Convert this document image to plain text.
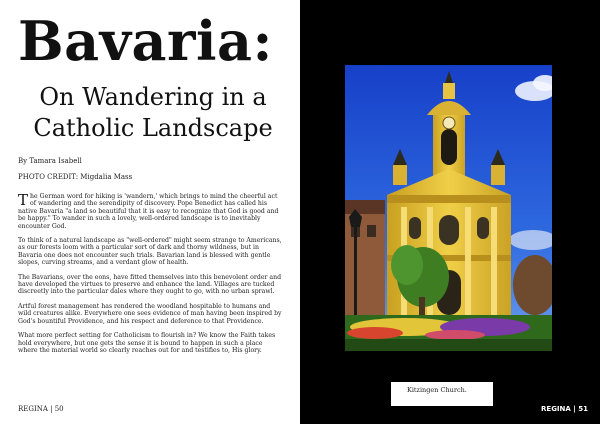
Bavaria:
On Wandering in a Catholic Landscape

By Tamara Isabell

PHOTO CREDIT: Migdalia Mass

The German word for hiking is 'wandern,' which brings to mind the cheerful act of wandering and the serendipity of discovery. Pope Benedict has called his native Bavaria "a land so beautiful that it is easy to recognize that God is good and be happy." To wander in such a lovely, well-ordered landscape is to inevitably encounter God.

To think of a natural landscape as "well-ordered" might seem strange to Americans, as our forests loom with a particular sort of dark and thorny wildness, but in Bavaria one does not encounter such trials. Bavarian land is blessed with gentle slopes, curving streams, and a verdant glow of health.

The Bavarians, over the eons, have fitted themselves into this benevolent order and have developed the virtues to preserve and enhance the land. Villages are tucked discreetly into the particular dales where they ought to go, with no urban sprawl.

Artful forest management has rendered the woodland hospitable to humans and wild creatures alike. Everywhere one sees evidence of man having been inspired by God's bountiful Providence, and his respect and deference to that Providence.

What more perfect setting for Catholicism to flourish in? We know the Faith takes hold everywhere, but one gets the sense it is bound to happen in such a place where the material world so clearly reaches out for and testifies to, His glory.

REGINA | 50
Kitzingen Church.
REGINA | 51
